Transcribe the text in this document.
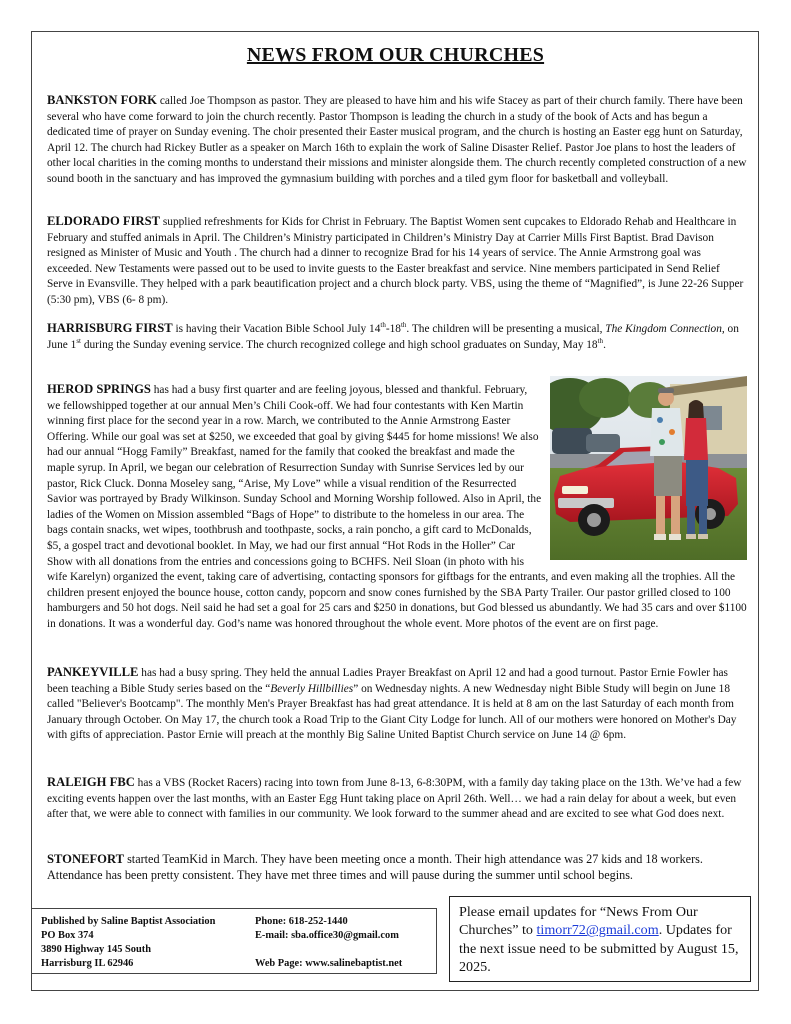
NEWS FROM OUR CHURCHES
BANKSTON FORK called Joe Thompson as pastor. They are pleased to have him and his wife Stacey as part of their church family. There have been several who have come forward to join the church recently. Pastor Thompson is leading the church in a study of the book of Acts and has begun a dedicated time of prayer on Sunday evening. The choir presented their Easter musical program, and the church is hosting an Easter egg hunt on Saturday, April 12. The church had Rickey Butler as a speaker on March 16th to explain the work of Saline Disaster Relief. Pastor Joe plans to host the leaders of other local charities in the coming months to understand their missions and minister alongside them. The church recently completed construction of a new sound booth in the sanctuary and has improved the gymnasium building with porches and a tiled gym floor for basketball and volleyball.
ELDORADO FIRST supplied refreshments for Kids for Christ in February. The Baptist Women sent cupcakes to Eldorado Rehab and Healthcare in February and stuffed animals in April. The Children’s Ministry participated in Children’s Ministry Day at Carrier Mills First Baptist. Brad Davison resigned as Minister of Music and Youth . The church had a dinner to recognize Brad for his 14 years of service. The Annie Armstrong goal was exceeded. New Testaments were passed out to be used to invite guests to the Easter breakfast and service. Nine members participated in Send Relief Serve in Evansville. They helped with a park beautification project and a church block party. VBS, using the theme of “Magnified”, is June 22-26 Supper (5:30 pm), VBS (6- 8 pm).
HARRISBURG FIRST is having their Vacation Bible School July 14th-18th. The children will be presenting a musical, The Kingdom Connection, on June 1st during the Sunday evening service. The church recognized college and high school graduates on Sunday, May 18th.
HEROD SPRINGS has had a busy first quarter and are feeling joyous, blessed and thankful. February, we fellowshipped together at our annual Men’s Chili Cook-off. We had four contestants with Ken Martin winning first place for the second year in a row. March, we contributed to the Annie Armstrong Easter Offering. While our goal was set at $250, we exceeded that goal by giving $445 for home missions! We also had our annual “Hogg Family” Breakfast, named for the family that cooked the breakfast and made the maple syrup. In April, we began our celebration of Resurrection Sunday with Sunrise Services led by our pastor, Rick Cluck. Donna Moseley sang, “Arise, My Love” while a visual rendition of the Resurrected Savior was portrayed by Brady Wilkinson. Sunday School and Morning Worship followed. Also in April, the ladies of the Women on Mission assembled “Bags of Hope” to distribute to the homeless in our area. The bags contain snacks, wet wipes, toothbrush and toothpaste, socks, a rain poncho, a gift card to McDonalds, $5, a gospel tract and devotional booklet. In May, we had our first annual “Hot Rods in the Holler” Car Show with all donations from the entries and concessions going to BCHFS. Neil Sloan (in photo with his wife Karelyn) organized the event, taking care of advertising, contacting sponsors for giftbags for the entrants, and even making all the trophies. All the children present enjoyed the bounce house, cotton candy, popcorn and snow cones furnished by the SBA Party Trailer. Our pastor grilled closed to 100 hamburgers and 50 hot dogs. Neil said he had set a goal for 25 cars and $250 in donations, but God blessed us abundantly. We had 35 cars and over $1100 in donations. It was a wonderful day. God’s name was honored throughout the whole event. More photos of the event are on first page.
PANKEYVILLE has had a busy spring. They held the annual Ladies Prayer Breakfast on April 12 and had a good turnout. Pastor Ernie Fowler has been teaching a Bible Study series based on the “Beverly Hillbillies” on Wednesday nights. A new Wednesday night Bible Study will begin on June 18 called "Believer's Bootcamp". The monthly Men's Prayer Breakfast has had great attendance. It is held at 8 am on the last Saturday of each month from January through October. On May 17, the church took a Road Trip to the Giant City Lodge for lunch. All of our mothers were honored on Mother's Day with gifts of appreciation. Pastor Ernie will preach at the monthly Big Saline United Baptist Church service on June 14 @ 6pm.
RALEIGH FBC has a VBS (Rocket Racers) racing into town from June 8-13, 6-8:30PM, with a family day taking place on the 13th. We’ve had a few exciting events happen over the last months, with an Easter Egg Hunt taking place on April 26th. Well… we had a rain delay for about a week, but even after that, we were able to connect with families in our community. We look forward to the summer ahead and are excited to see what God does next.
STONEFORT started TeamKid in March. They have been meeting once a month. Their high attendance was 27 kids and 18 workers. Attendance has been pretty consistent. They have met three times and will pause during the summer until school begins.
Published by Saline Baptist Association
PO Box 374
3890 Highway 145 South
Harrisburg IL 62946
Phone: 618-252-1440
E-mail: sba.office30@gmail.com
Web Page: www.salinebaptist.net
Please email updates for “News From Our Churches” to timorr72@gmail.com. Updates for the next issue need to be submitted by August 15, 2025.
